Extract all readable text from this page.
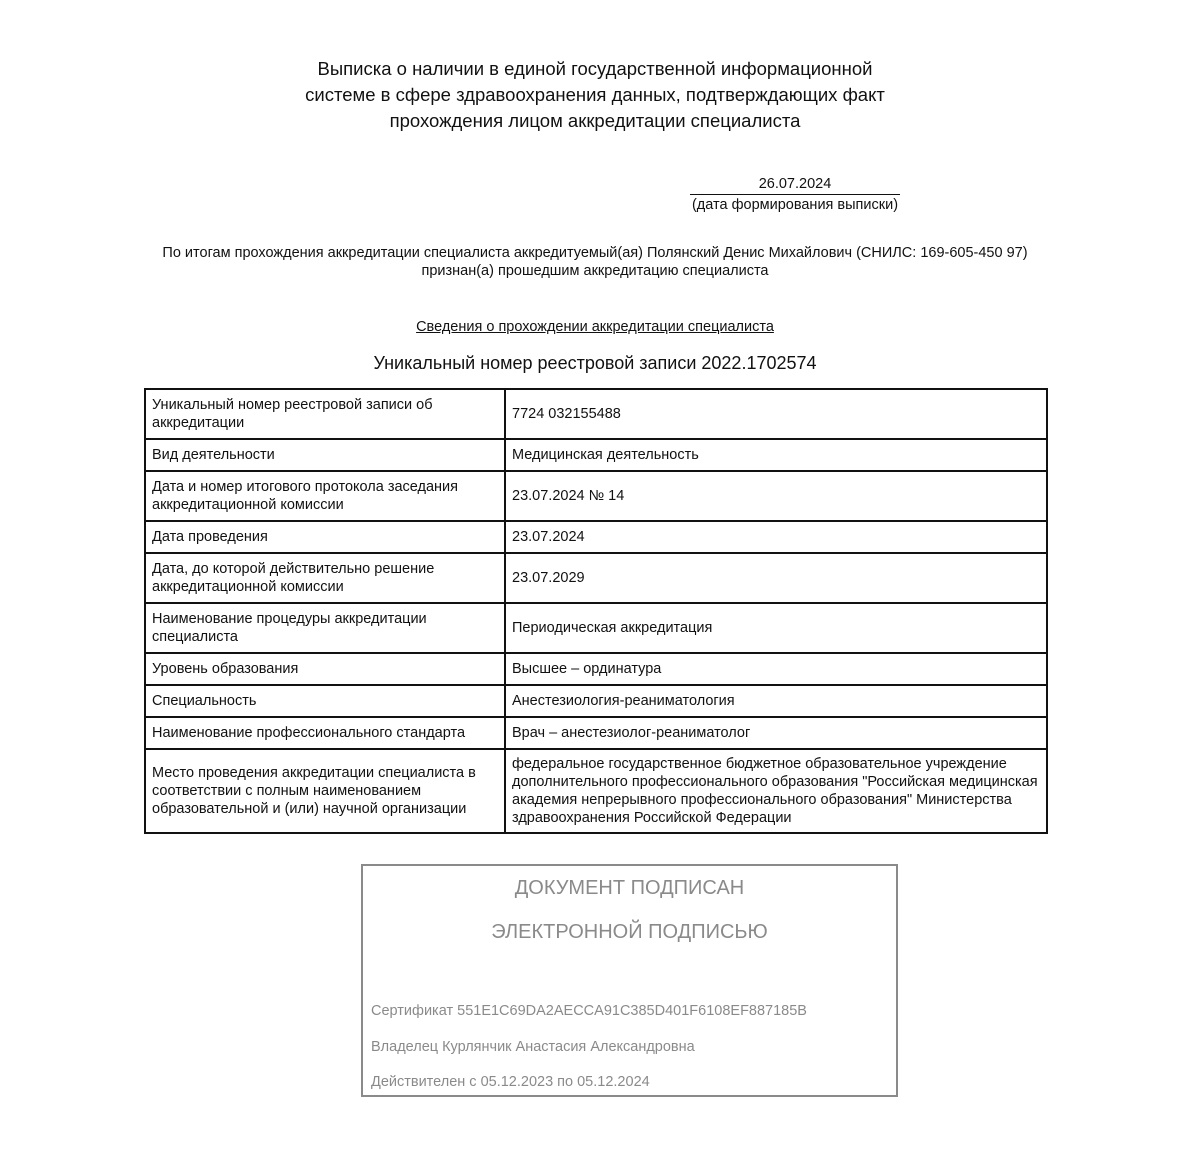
Выписка о наличии в единой государственной информационной
системе в сфере здравоохранения данных, подтверждающих факт
прохождения лицом аккредитации специалиста
26.07.2024
(дата формирования выписки)
По итогам прохождения аккредитации специалиста аккредитуемый(ая) Полянский Денис Михайлович (СНИЛС: 169-605-450 97)
признан(а) прошедшим аккредитацию специалиста
Сведения о прохождении аккредитации специалиста
Уникальный номер реестровой записи 2022.1702574
Уникальный номер реестровой записи об аккредитации	7724 032155488
Вид деятельности	Медицинская деятельность
Дата и номер итогового протокола заседания аккредитационной комиссии	23.07.2024 № 14
Дата проведения	23.07.2024
Дата, до которой действительно решение аккредитационной комиссии	23.07.2029
Наименование процедуры аккредитации специалиста	Периодическая аккредитация
Уровень образования	Высшее – ординатура
Специальность	Анестезиология-реаниматология
Наименование профессионального стандарта	Врач – анестезиолог-реаниматолог
Место проведения аккредитации специалиста в соответствии с полным наименованием образовательной и (или) научной организации	федеральное государственное бюджетное образовательное учреждение дополнительного профессионального образования "Российская медицинская академия непрерывного профессионального образования" Министерства здравоохранения Российской Федерации
ДОКУМЕНТ ПОДПИСАН
ЭЛЕКТРОННОЙ ПОДПИСЬЮ
Сертификат 551E1C69DA2AECCA91C385D401F6108EF887185B
Владелец Курлянчик Анастасия Александровна
Действителен с 05.12.2023 по 05.12.2024
